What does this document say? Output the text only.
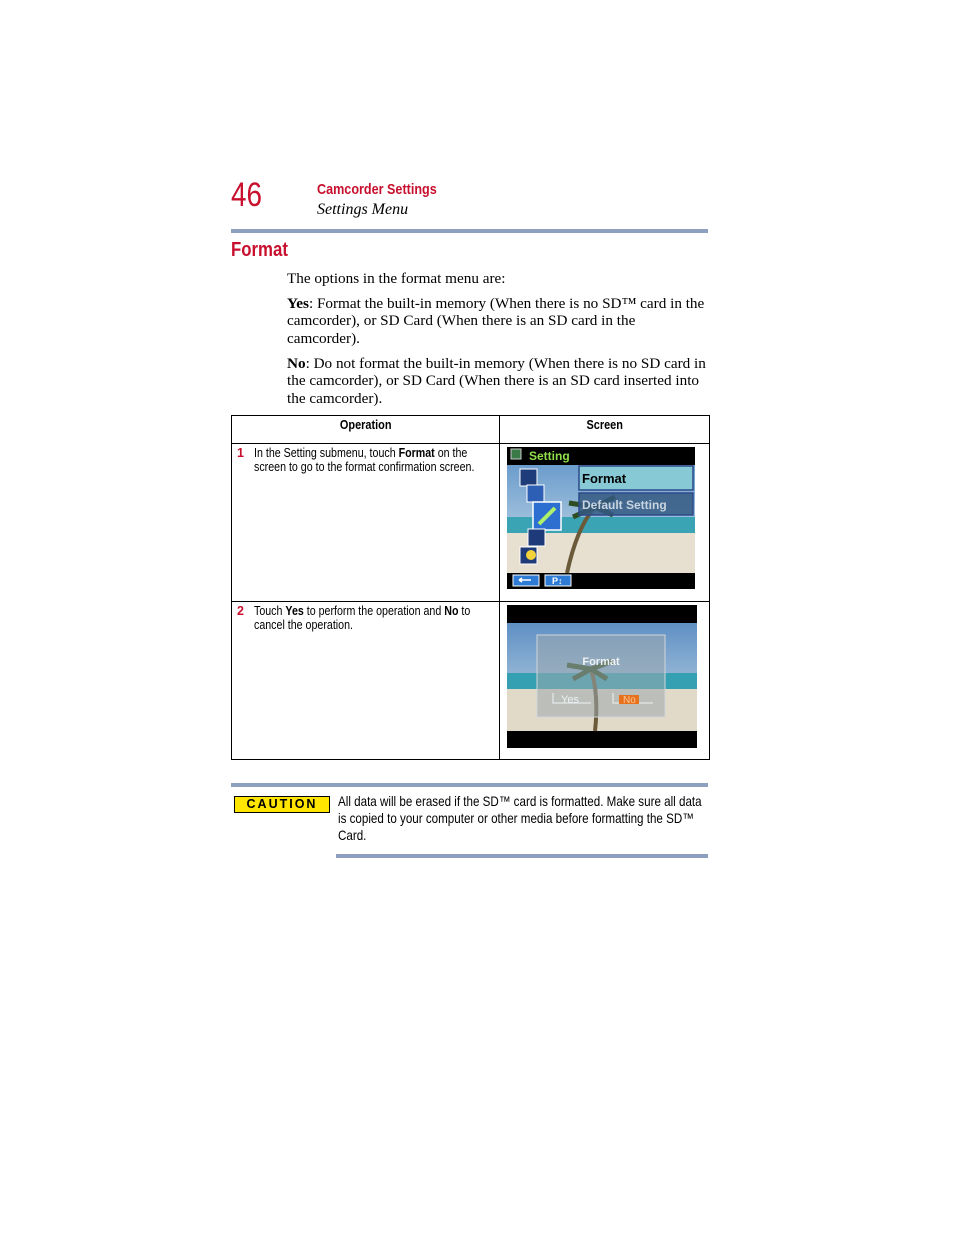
46	Camcorder Settings
Settings Menu
Format
The options in the format menu are:
Yes: Format the built-in memory (When there is no SD™ card in the camcorder), or SD Card (When there is an SD card in the camcorder).
No: Do not format the built-in memory (When there is no SD card in the camcorder), or SD Card (When there is an SD card inserted into the camcorder).
Operation	Screen

1 In the Setting submenu, touch Format on the screen to go to the format confirmation screen.	Setting
Format
Default Setting
P↕

2 Touch Yes to perform the operation and No to cancel the operation.	Format
Yes No
CAUTION	All data will be erased if the SD™ card is formatted. Make sure all data is copied to your computer or other media before formatting the SD™ Card.
